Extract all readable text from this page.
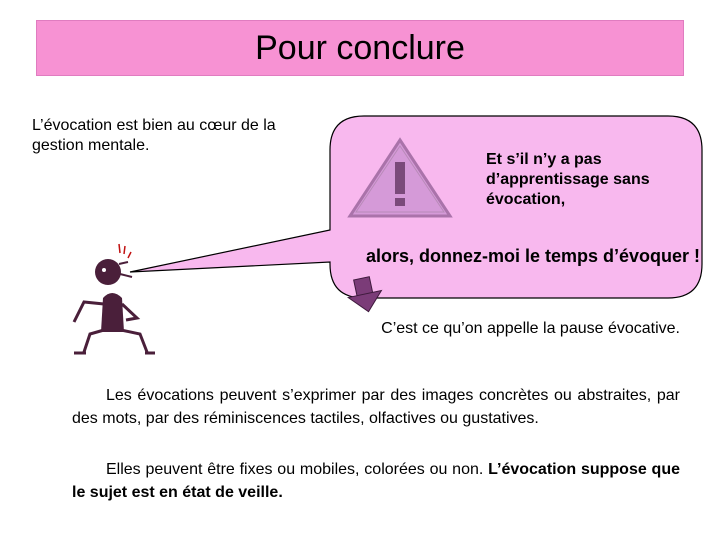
Pour conclure
L’évocation est bien au cœur de la gestion mentale.
Et s’il n’y a pas d’apprentissage sans évocation,
alors, donnez-moi le temps d’évoquer !
C’est ce qu’on appelle la pause évocative.
Les évocations peuvent s’exprimer par des images concrètes ou abstraites, par des mots, par des réminiscences tactiles, olfactives ou gustatives.
Elles peuvent être fixes ou mobiles, colorées ou non. L’évocation suppose que le sujet est en état de veille.
